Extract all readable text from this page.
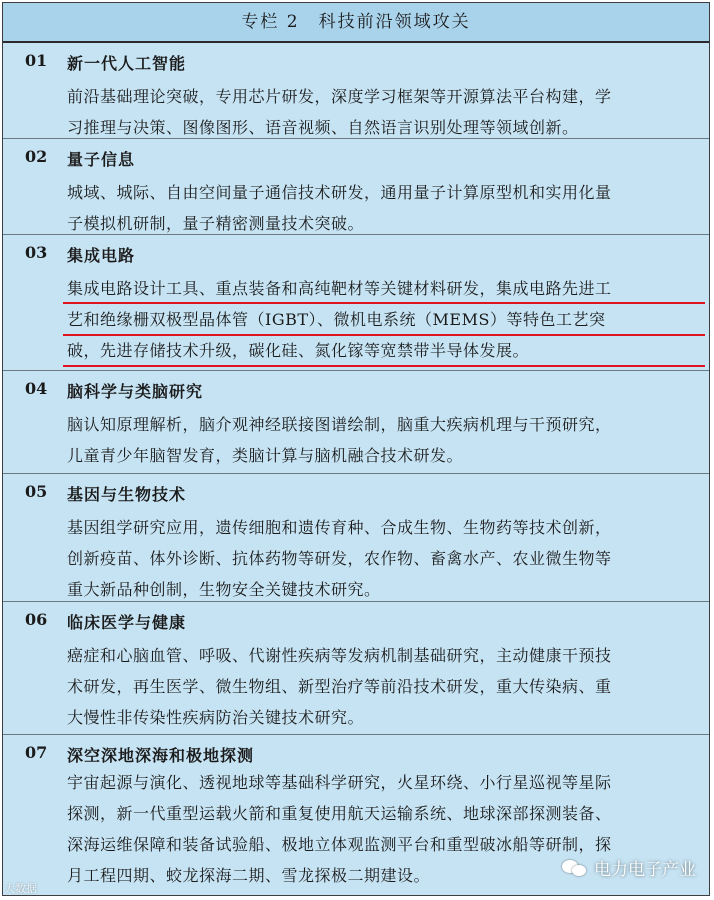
专栏 2　科技前沿领域攻关
01 新一代人工智能
前沿基础理论突破，专用芯片研发，深度学习框架等开源算法平台构建，学
习推理与决策、图像图形、语音视频、自然语言识别处理等领域创新。
02 量子信息
城域、城际、自由空间量子通信技术研发，通用量子计算原型机和实用化量
子模拟机研制，量子精密测量技术突破。
03 集成电路
集成电路设计工具、重点装备和高纯靶材等关键材料研发，集成电路先进工
艺和绝缘栅双极型晶体管（IGBT）、微机电系统（MEMS）等特色工艺突
破，先进存储技术升级，碳化硅、氮化镓等宽禁带半导体发展。
04 脑科学与类脑研究
脑认知原理解析，脑介观神经联接图谱绘制，脑重大疾病机理与干预研究，
儿童青少年脑智发育，类脑计算与脑机融合技术研发。
05 基因与生物技术
基因组学研究应用，遗传细胞和遗传育种、合成生物、生物药等技术创新，
创新疫苗、体外诊断、抗体药物等研发，农作物、畜禽水产、农业微生物等
重大新品种创制，生物安全关键技术研究。
06 临床医学与健康
癌症和心脑血管、呼吸、代谢性疾病等发病机制基础研究，主动健康干预技
术研发，再生医学、微生物组、新型治疗等前沿技术研发，重大传染病、重
大慢性非传染性疾病防治关键技术研究。
07 深空深地深海和极地探测
宇宙起源与演化、透视地球等基础科学研究，火星环绕、小行星巡视等星际
探测，新一代重型运载火箭和重复使用航天运输系统、地球深部探测装备、
深海运维保障和装备试验船、极地立体观监测平台和重型破冰船等研制，探
月工程四期、蛟龙探海二期、雪龙探极二期建设。	电力电子产业
大数据
